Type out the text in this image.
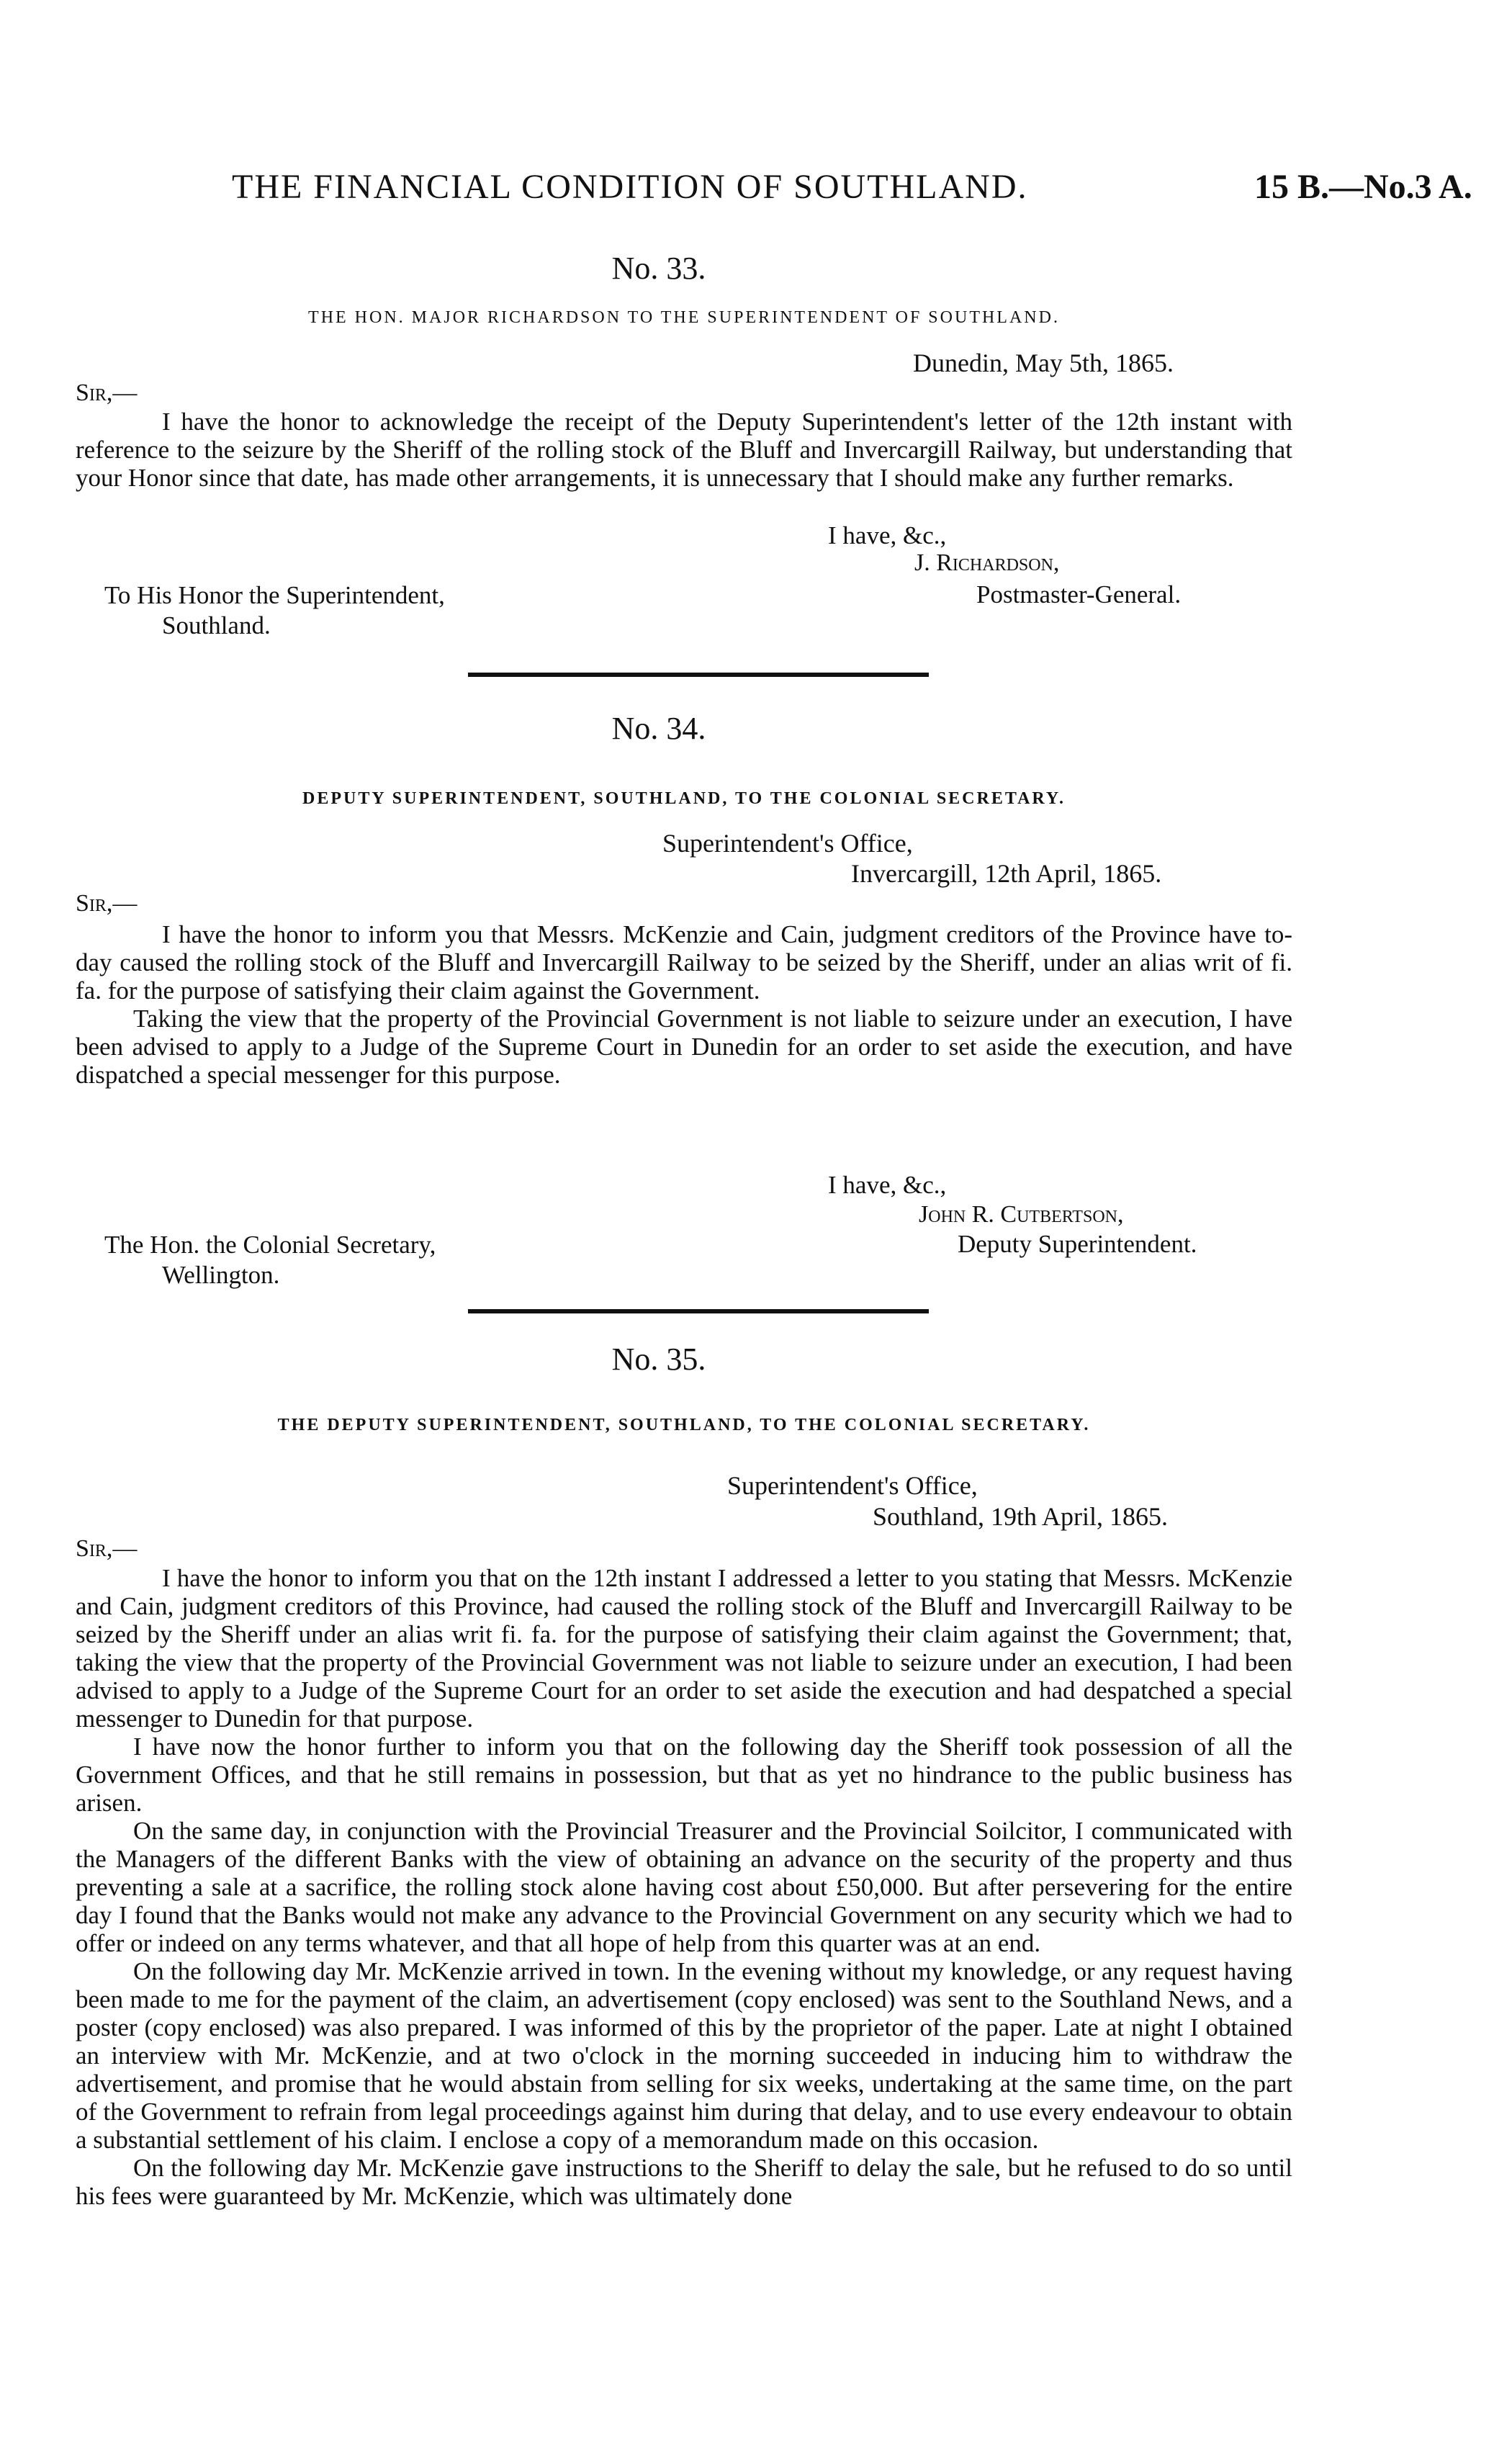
THE FINANCIAL CONDITION OF SOUTHLAND.	15 B.—No.3 A.
No. 33.
THE HON. MAJOR RICHARDSON TO THE SUPERINTENDENT OF SOUTHLAND.
Dunedin, May 5th, 1865.
Sir,—

I have the honor to acknowledge the receipt of the Deputy Superintendent's letter of the 12th instant with reference to the seizure by the Sheriff of the rolling stock of the Bluff and Invercargill Railway, but understanding that your Honor since that date, has made other arrangements, it is unnecessary that I should make any further remarks.

I have, &c.,
J. Richardson,
Postmaster-General.
To His Honor the Superintendent,
Southland.
No. 34.
DEPUTY SUPERINTENDENT, SOUTHLAND, TO THE COLONIAL SECRETARY.
Superintendent's Office,
Invercargill, 12th April, 1865.
Sir,—

I have the honor to inform you that Messrs. McKenzie and Cain, judgment creditors of the Province have to-day caused the rolling stock of the Bluff and Invercargill Railway to be seized by the Sheriff, under an alias writ of fi. fa. for the purpose of satisfying their claim against the Government.

Taking the view that the property of the Provincial Government is not liable to seizure under an execution, I have been advised to apply to a Judge of the Supreme Court in Dunedin for an order to set aside the execution, and have dispatched a special messenger for this purpose.

I have, &c.,
John R. Cutbertson,
Deputy Superintendent.
The Hon. the Colonial Secretary,
Wellington.
No. 35.
THE DEPUTY SUPERINTENDENT, SOUTHLAND, TO THE COLONIAL SECRETARY.
Superintendent's Office,
Southland, 19th April, 1865.
Sir,—

I have the honor to inform you that on the 12th instant I addressed a letter to you stating that Messrs. McKenzie and Cain, judgment creditors of this Province, had caused the rolling stock of the Bluff and Invercargill Railway to be seized by the Sheriff under an alias writ fi. fa. for the purpose of satisfying their claim against the Government; that, taking the view that the property of the Provincial Government was not liable to seizure under an execution, I had been advised to apply to a Judge of the Supreme Court for an order to set aside the execution and had despatched a special messenger to Dunedin for that purpose.

I have now the honor further to inform you that on the following day the Sheriff took possession of all the Government Offices, and that he still remains in possession, but that as yet no hindrance to the public business has arisen.

On the same day, in conjunction with the Provincial Treasurer and the Provincial Soilcitor, I communicated with the Managers of the different Banks with the view of obtaining an advance on the security of the property and thus preventing a sale at a sacrifice, the rolling stock alone having cost about £50,000. But after persevering for the entire day I found that the Banks would not make any advance to the Provincial Government on any security which we had to offer or indeed on any terms whatever, and that all hope of help from this quarter was at an end.

On the following day Mr. McKenzie arrived in town. In the evening without my knowledge, or any request having been made to me for the payment of the claim, an advertisement (copy enclosed) was sent to the Southland News, and a poster (copy enclosed) was also prepared. I was informed of this by the proprietor of the paper. Late at night I obtained an interview with Mr. McKenzie, and at two o'clock in the morning succeeded in inducing him to withdraw the advertisement, and promise that he would abstain from selling for six weeks, undertaking at the same time, on the part of the Government to refrain from legal proceedings against him during that delay, and to use every endeavour to obtain a substantial settlement of his claim. I enclose a copy of a memorandum made on this occasion.

On the following day Mr. McKenzie gave instructions to the Sheriff to delay the sale, but he refused to do so until his fees were guaranteed by Mr. McKenzie, which was ultimately done
